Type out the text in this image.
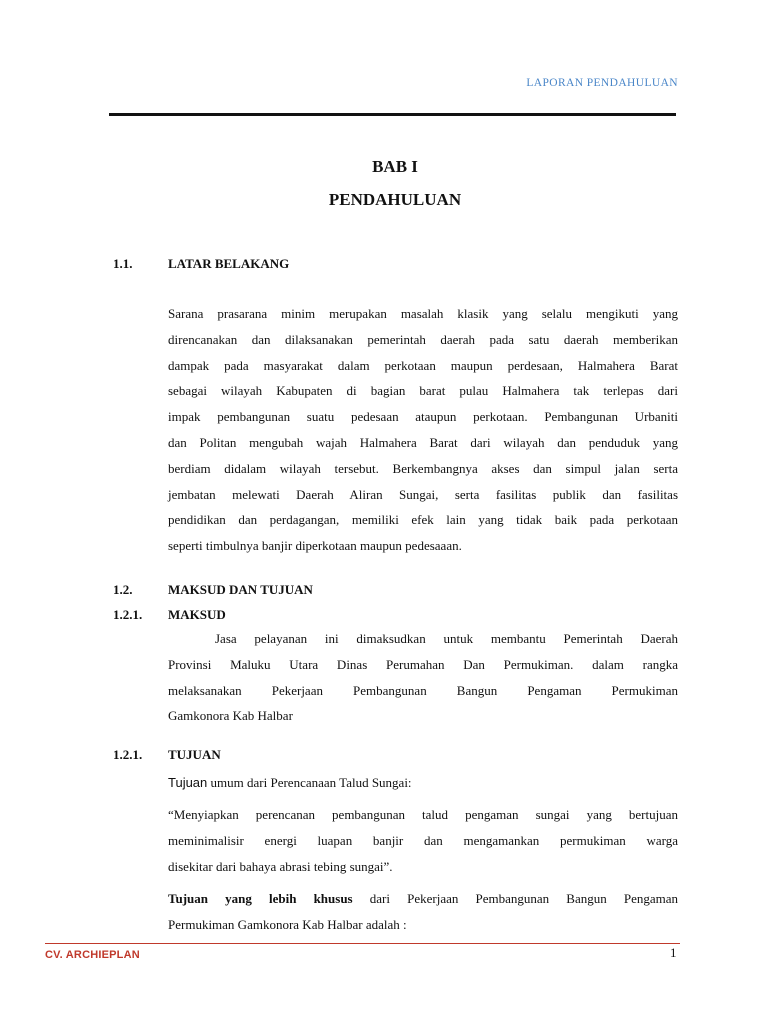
LAPORAN PENDAHULUAN
BAB I
PENDAHULUAN
1.1.	LATAR BELAKANG
Sarana prasarana minim merupakan masalah klasik yang selalu mengikuti yang
direncanakan dan dilaksanakan pemerintah daerah pada satu daerah memberikan
dampak pada masyarakat dalam perkotaan maupun perdesaan, Halmahera Barat
sebagai wilayah Kabupaten di bagian barat pulau Halmahera tak terlepas dari
impak pembangunan suatu pedesaan ataupun perkotaan. Pembangunan Urbaniti
dan Politan mengubah wajah Halmahera Barat dari wilayah dan penduduk yang
berdiam didalam wilayah tersebut. Berkembangnya akses dan simpul jalan serta
jembatan melewati Daerah Aliran Sungai, serta fasilitas publik dan fasilitas
pendidikan dan perdagangan, memiliki efek lain yang tidak baik pada perkotaan
seperti timbulnya banjir diperkotaan maupun pedesaaan.
1.2.	MAKSUD DAN TUJUAN
1.2.1. MAKSUD
Jasa pelayanan ini dimaksudkan untuk membantu Pemerintah Daerah
Provinsi Maluku Utara Dinas Perumahan Dan Permukiman. dalam rangka
melaksanakan Pekerjaan Pembangunan Bangun Pengaman Permukiman
Gamkonora Kab Halbar
1.2.1. TUJUAN
Tujuan umum dari Perencanaan Talud Sungai:
“Menyiapkan perencanan pembangunan talud pengaman sungai yang bertujuan
meminimalisir energi luapan banjir dan mengamankan permukiman warga
disekitar dari bahaya abrasi tebing sungai”.
Tujuan yang lebih khusus dari Pekerjaan Pembangunan Bangun Pengaman
Permukiman Gamkonora Kab Halbar adalah :
CV. ARCHIEPLAN	1
